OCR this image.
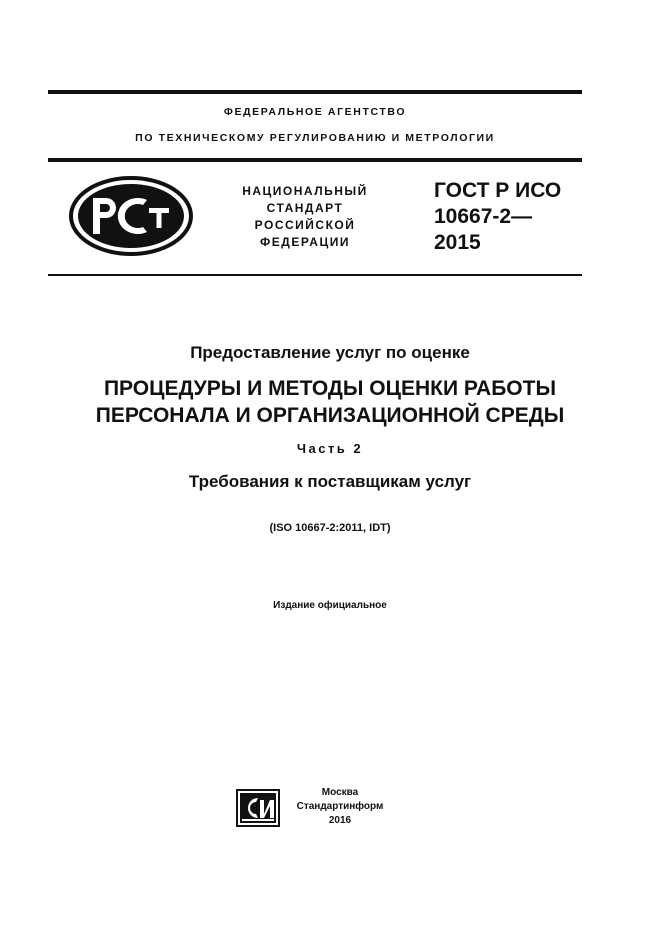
ФЕДЕРАЛЬНОЕ АГЕНТСТВО
ПО ТЕХНИЧЕСКОМУ РЕГУЛИРОВАНИЮ И МЕТРОЛОГИИ
НАЦИОНАЛЬНЫЙ
СТАНДАРТ
РОССИЙСКОЙ
ФЕДЕРАЦИИ
ГОСТ Р ИСО
10667-2—
2015
Предоставление услуг по оценке
ПРОЦЕДУРЫ И МЕТОДЫ ОЦЕНКИ РАБОТЫ
ПЕРСОНАЛА И ОРГАНИЗАЦИОННОЙ СРЕДЫ
Часть 2
Требования к поставщикам услуг
(ISO 10667-2:2011, IDT)
Издание официальное
Москва
Стандартинформ
2016
